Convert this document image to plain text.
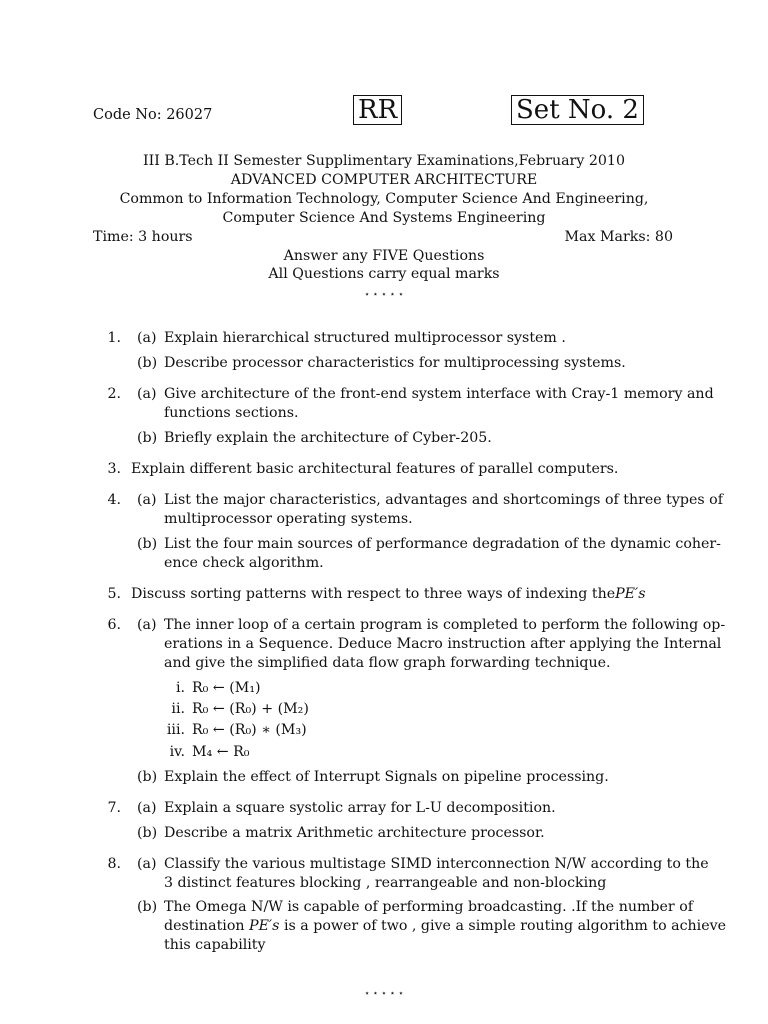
Code No: 26027	RR	Set No. 2
III B.Tech II Semester Supplimentary Examinations,February 2010
ADVANCED COMPUTER ARCHITECTURE
Common to Information Technology, Computer Science And Engineering,
Computer Science And Systems Engineering
Time: 3 hours	Max Marks: 80
Answer any FIVE Questions
All Questions carry equal marks
⋆ ⋆ ⋆ ⋆ ⋆
1. (a) Explain hierarchical structured multiprocessor system .
(b) Describe processor characteristics for multiprocessing systems.
2. (a) Give architecture of the front-end system interface with Cray-1 memory and
functions sections.
(b) Briefly explain the architecture of Cyber-205.
3. Explain different basic architectural features of parallel computers.
4. (a) List the major characteristics, advantages and shortcomings of three types of
multiprocessor operating systems.
(b) List the four main sources of performance degradation of the dynamic coher-
ence check algorithm.
5. Discuss sorting patterns with respect to three ways of indexing thePE′s
6. (a) The inner loop of a certain program is completed to perform the following op-
erations in a Sequence. Deduce Macro instruction after applying the Internal
and give the simplified data flow graph forwarding technique.
i. R₀ ← (M₁)
ii. R₀ ← (R₀) + (M₂)
iii. R₀ ← (R₀) ∗ (M₃)
iv. M₄ ← R₀
(b) Explain the effect of Interrupt Signals on pipeline processing.
7. (a) Explain a square systolic array for L-U decomposition.
(b) Describe a matrix Arithmetic architecture processor.
8. (a) Classify the various multistage SIMD interconnection N/W according to the
3 distinct features blocking , rearrangeable and non-blocking
(b) The Omega N/W is capable of performing broadcasting. .If the number of
destination PE′s is a power of two , give a simple routing algorithm to achieve
this capability
⋆ ⋆ ⋆ ⋆ ⋆
